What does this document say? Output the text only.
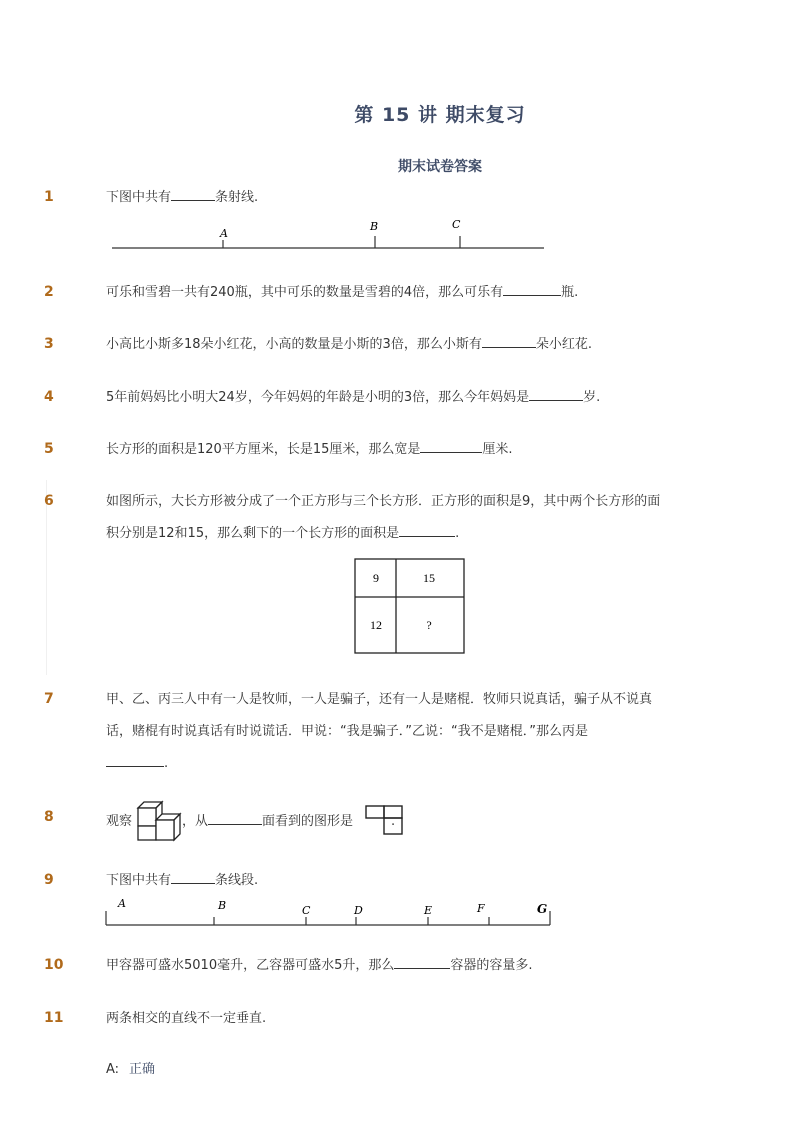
第 15 讲 期末复习
期末试卷答案
1	下图中共有	条射线.
A
B	C
2	可乐和雪碧一共有240瓶，其中可乐的数量是雪碧的4倍，那么可乐有	瓶.
3	小高比小斯多18朵小红花，小高的数量是小斯的3倍，那么小斯有	朵小红花.
4	5年前妈妈比小明大24岁，今年妈妈的年龄是小明的3倍，那么今年妈妈是	岁.
5	长方形的面积是120平方厘米，长是15厘米，那么宽是	厘米.
6	如图所示，大长方形被分成了一个正方形与三个长方形．正方形的面积是9，其中两个长方形的面
积分别是12和15，那么剩下的一个长方形的面积是	.
9	15
12	?
7	甲、乙、丙三人中有一人是牧师，一人是骗子，还有一人是赌棍．牧师只说真话，骗子从不说真
话，赌棍有时说真话有时说谎话．甲说：“我是骗子．”乙说：“我不是赌棍．”那么丙是
.
8	观察	，从	面看到的图形是	.
9	下图中共有	条线段.
A	B	C	D	E	F	G
10	甲容器可盛水5010毫升，乙容器可盛水5升，那么	容器的容量多.
11	两条相交的直线不一定垂直.
A: 正确
